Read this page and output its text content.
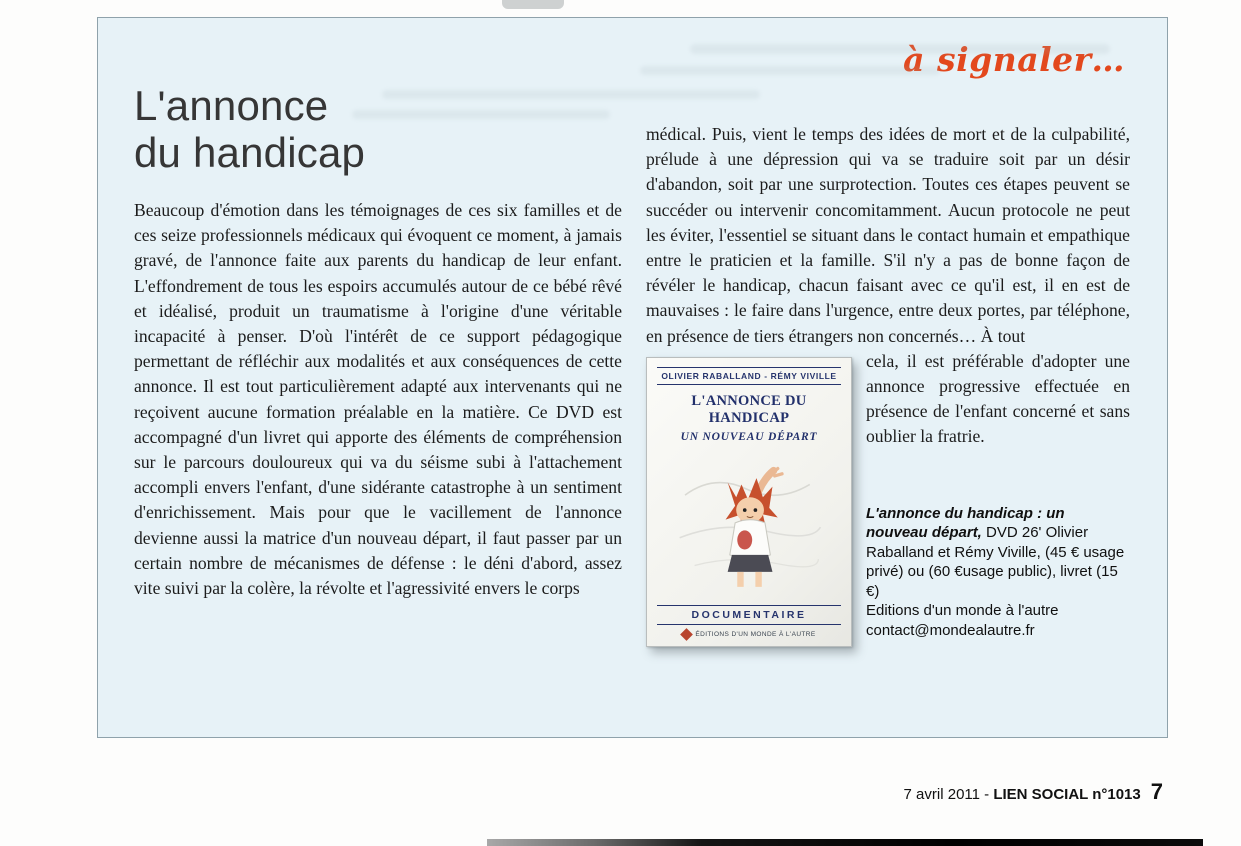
à signaler…
L'annonce
du handicap

Beaucoup d'émotion dans les témoignages de ces six familles et de ces seize professionnels médicaux qui évoquent ce moment, à jamais gravé, de l'annonce faite aux parents du handicap de leur enfant. L'effondrement de tous les espoirs accumulés autour de ce bébé rêvé et idéalisé, produit un traumatisme à l'origine d'une véritable incapacité à penser. D'où l'intérêt de ce support pédagogique permettant de réfléchir aux modalités et aux conséquences de cette annonce. Il est tout particulièrement adapté aux intervenants qui ne reçoivent aucune formation préalable en la matière. Ce DVD est accompagné d'un livret qui apporte des éléments de compréhension sur le parcours douloureux qui va du séisme subi à l'attachement accompli envers l'enfant, d'une sidérante catastrophe à un sentiment d'enrichissement. Mais pour que le vacillement de l'annonce devienne aussi la matrice d'un nouveau départ, il faut passer par un certain nombre de mécanismes de défense : le déni d'abord, assez vite suivi par la colère, la révolte et l'agressivité envers le corps

médical. Puis, vient le temps des idées de mort et de la culpabilité, prélude à une dépression qui va se traduire soit par un désir d'abandon, soit par une surprotection. Toutes ces étapes peuvent se succéder ou intervenir concomitamment. Aucun protocole ne peut les éviter, l'essentiel se situant dans le contact humain et empathique entre le praticien et la famille. S'il n'y a pas de bonne façon de révéler le handicap, chacun faisant avec ce qu'il est, il en est de mauvaises : le faire dans l'urgence, entre deux portes, par téléphone, en présence de tiers étrangers non concernés… À tout

OLIVIER RABALLAND - RÉMY VIVILLE
L'ANNONCE DU HANDICAP
UN NOUVEAU DÉPART
DOCUMENTAIRE
ÉDITIONS D'UN MONDE À L'AUTRE

cela, il est préférable d'adopter une annonce progressive effectuée en présence de l'enfant concerné et sans oublier la fratrie.

L'annonce du handicap : un nouveau départ, DVD 26' Olivier Raballand et Rémy Viville, (45 € usage privé) ou (60 €usage public), livret (15 €)
Editions d'un monde à l'autre
contact@mondealautre.fr
7 avril 2011 - LIEN SOCIAL n°1013 7
